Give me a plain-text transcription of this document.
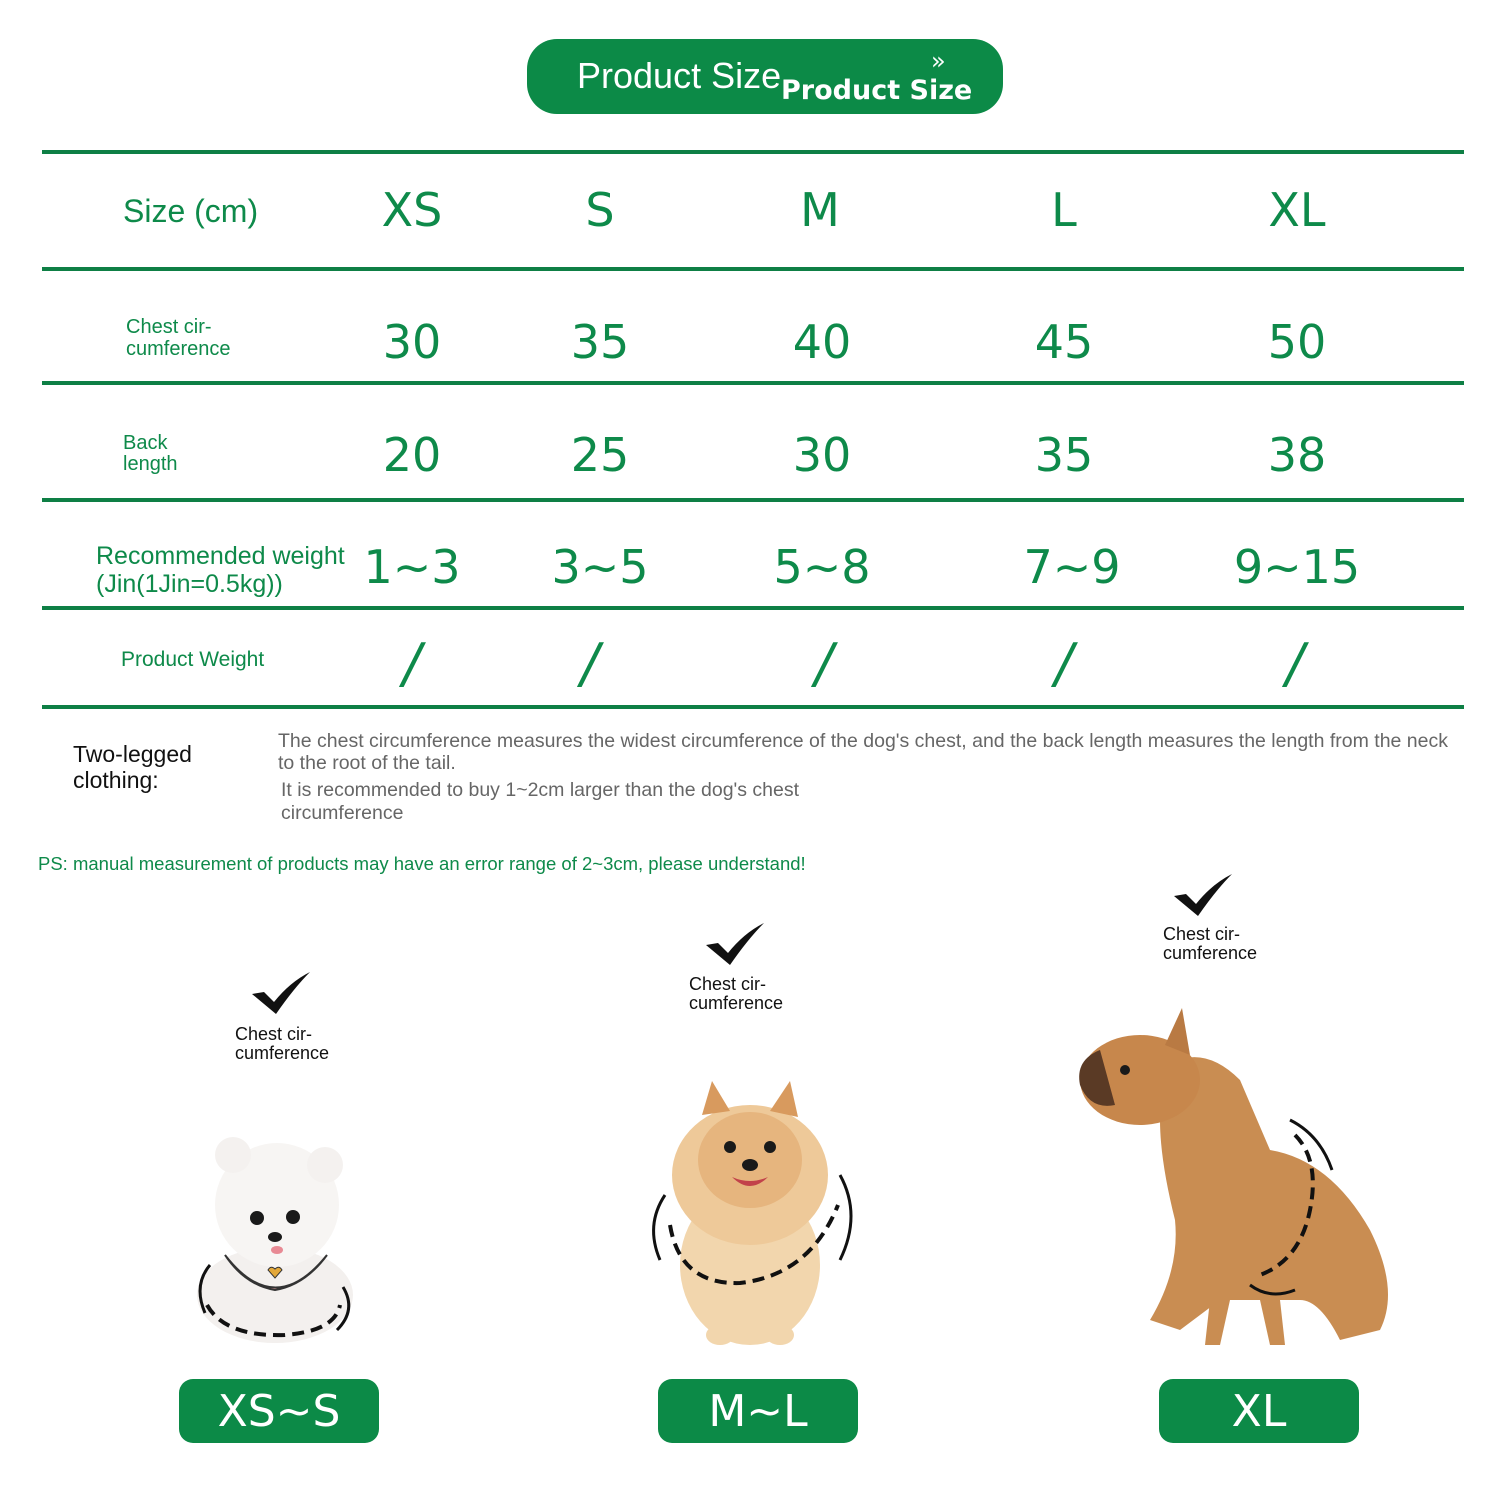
Product Size Product Size
»
Size (cm)	XS	S	M	L	XL
Chest cir-
cumference	30	35	40	45	50
Back
length	20	25	30	35	38
Recommended weight
(Jin(1Jin=0.5kg))	1~3	3~5	5~8	7~9	9~15
Product Weight	/	/	/	/	/
Two-legged clothing:
The chest circumference measures the widest circumference of the dog's chest, and the back length measures the length from the neck to the root of the tail.
It is recommended to buy 1~2cm larger than the dog's chest circumference
PS: manual measurement of products may have an error range of 2~3cm, please understand!
Chest cir-
cumference
XS~S
Chest cir-
cumference
M~L
Chest cir-
cumference
XL
